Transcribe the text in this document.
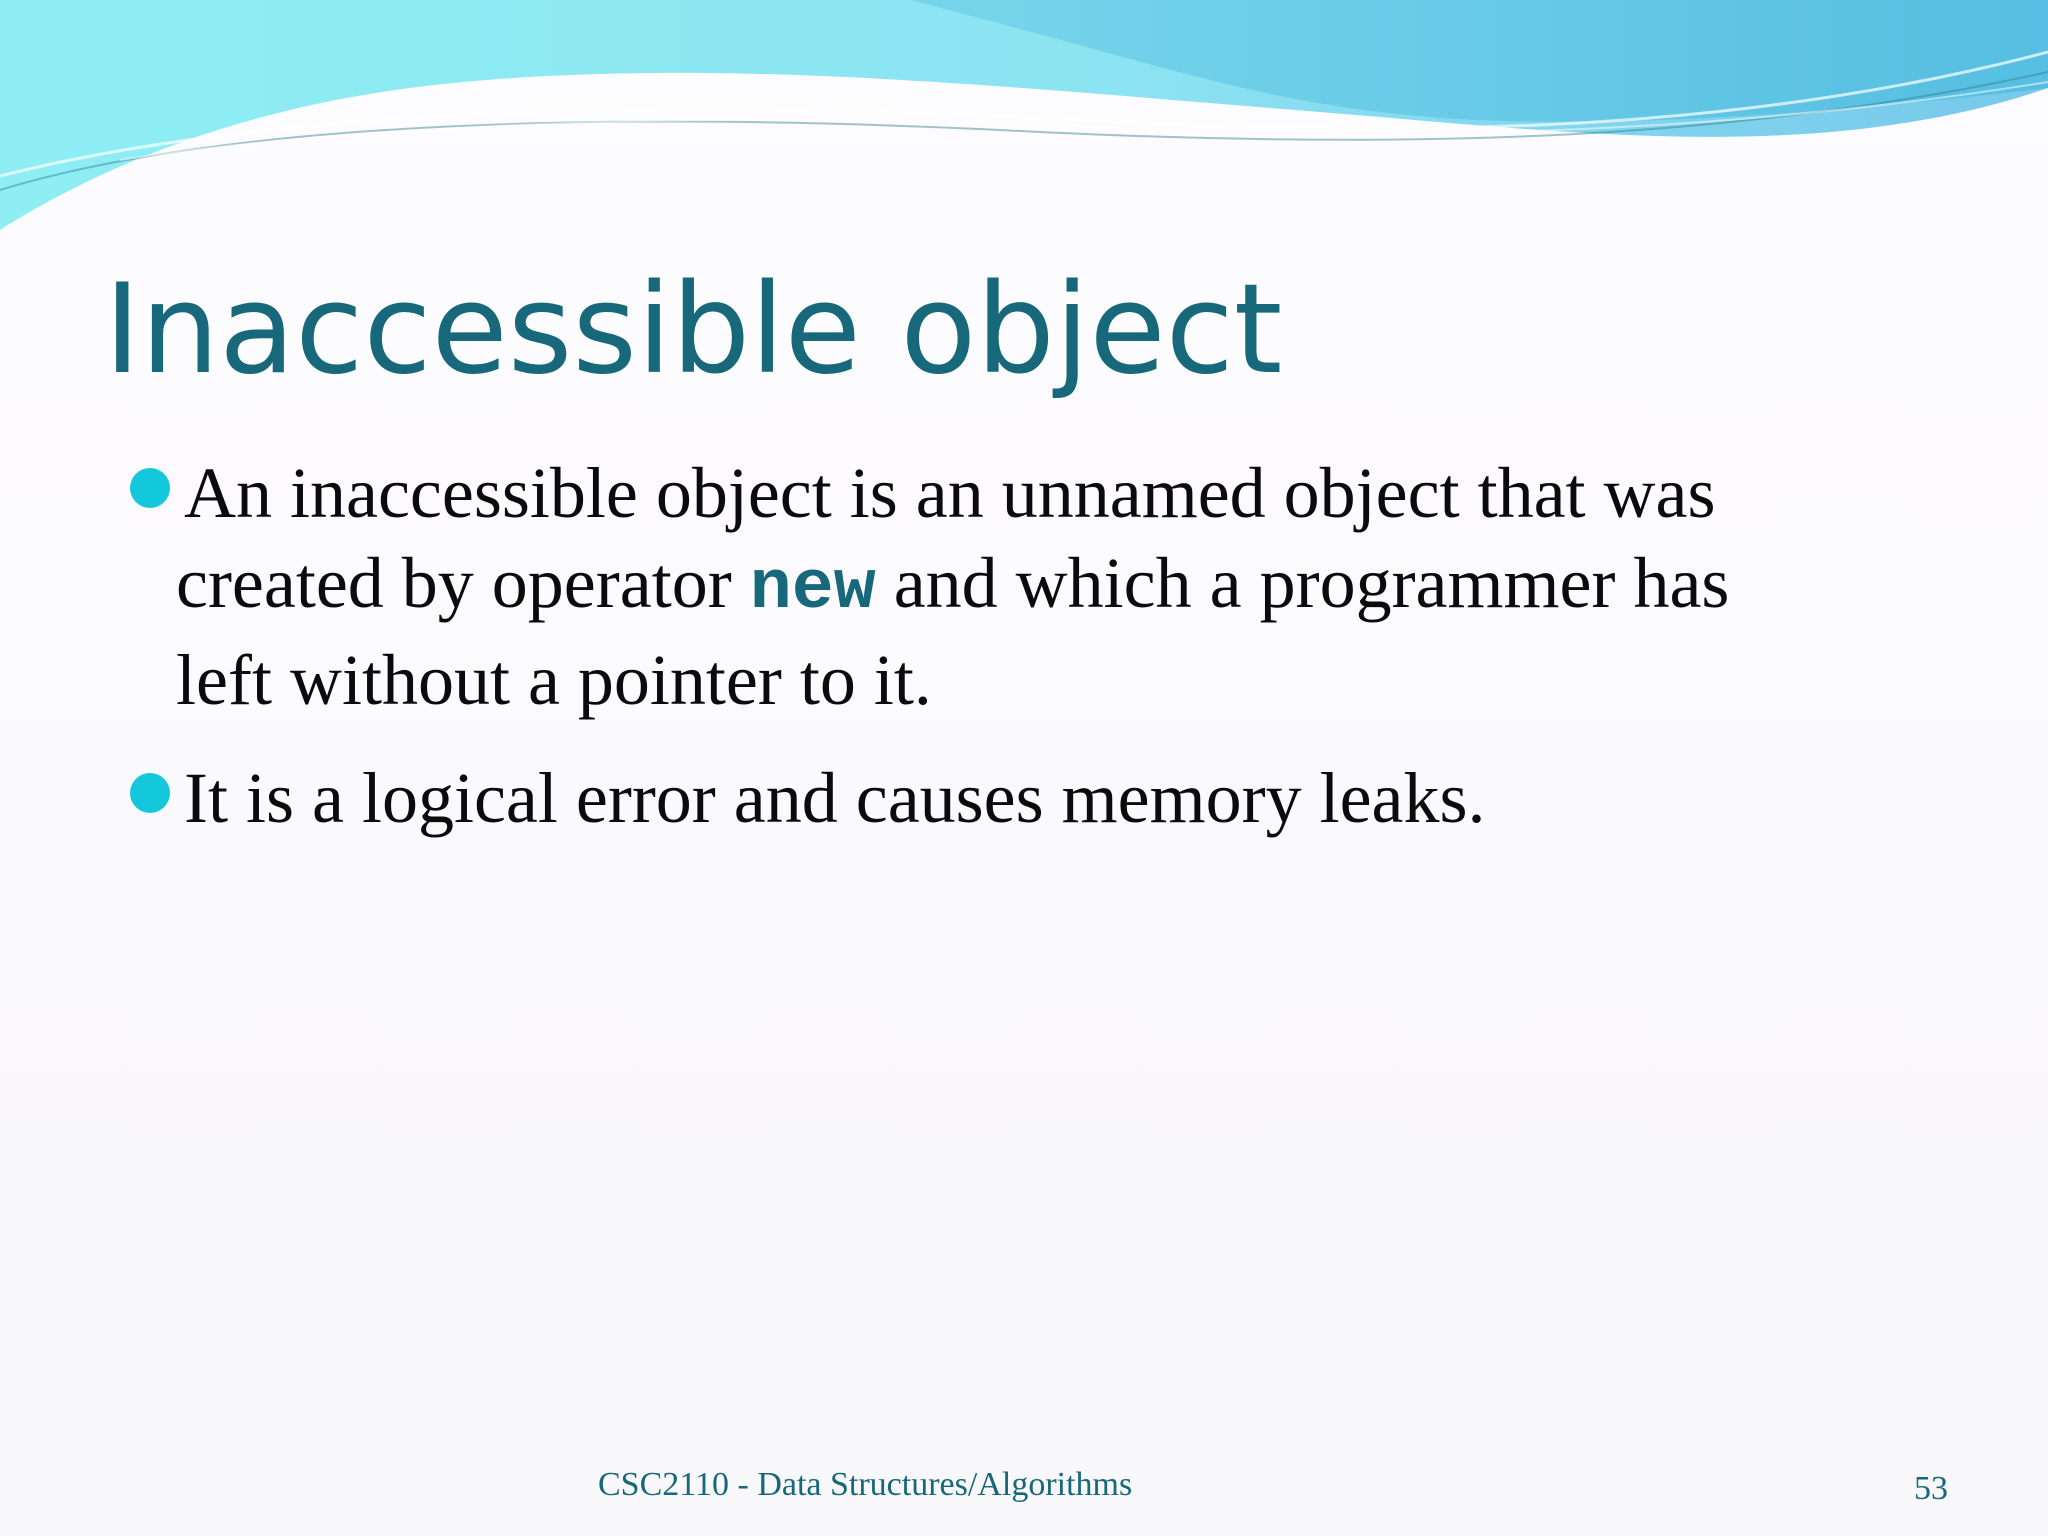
Inaccessible object
An inaccessible object is an unnamed object that was
created by operator new and which a programmer has
left without a pointer to it.
It is a logical error and causes memory leaks.
CSC2110 - Data Structures/Algorithms	53
